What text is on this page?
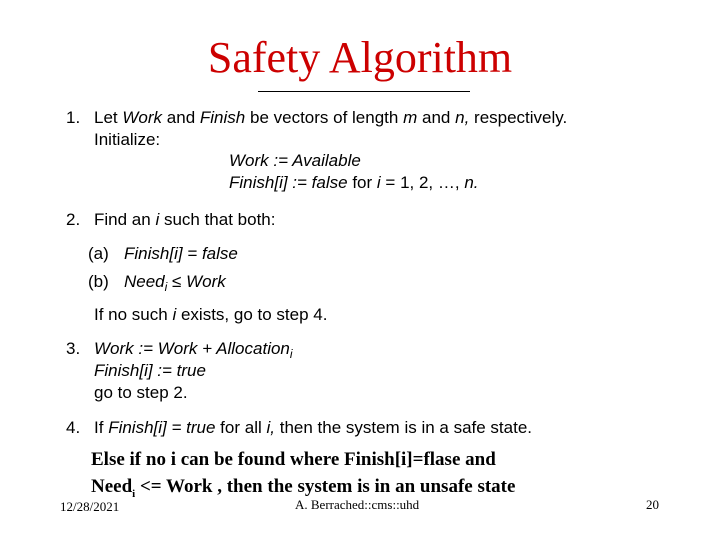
Safety Algorithm
1. Let Work and Finish be vectors of length m and n, respectively.
Initialize:
Work := Available
Finish[i] := false for i = 1, 2, …, n.
2. Find an i such that both:
(a) Finish[i] = false
(b) Need$_i$ ≤ Work
If no such i exists, go to step 4.
3. Work := Work + Allocation$_i$
Finish[i] := true
go to step 2.
4. If Finish[i] = true for all i, then the system is in a safe state.
Else if no i can be found where Finish[i]=flase and
Need$_i$ <= Work , then the system is in an unsafe state
12/28/2021	A. Berrached::cms::uhd	20
